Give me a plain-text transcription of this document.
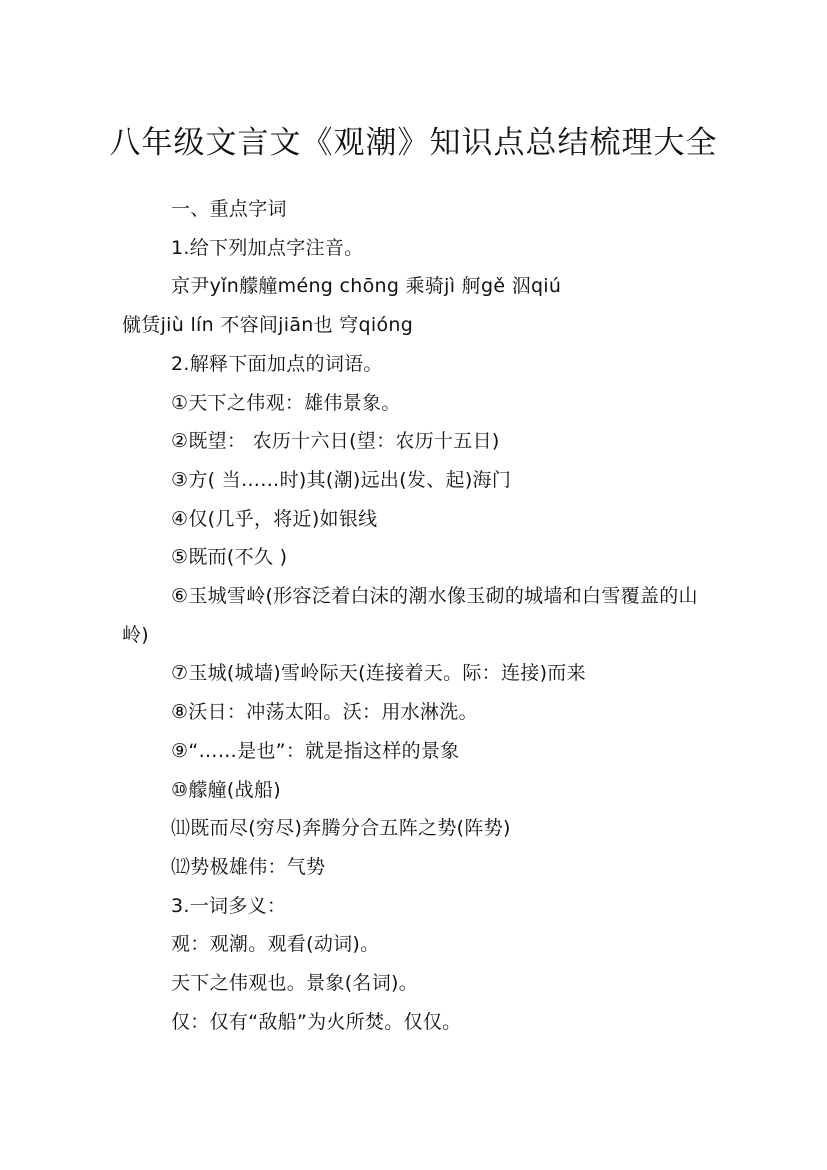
八年级文言文《观潮》知识点总结梳理大全

一、重点字词

1.给下列加点字注音。

京尹yǐn艨艟méng chōng 乘骑jì 舸gě 泅qiú

僦赁jiù lín 不容间jiān也 穹qióng

2.解释下面加点的词语。

①天下之伟观：雄伟景象。

②既望： 农历十六日(望：农历十五日)

③方( 当……时)其(潮)远出(发、起)海门

④仅(几乎，将近)如银线

⑤既而(不久 )

⑥玉城雪岭(形容泛着白沫的潮水像玉砌的城墙和白雪覆盖的山岭)

⑦玉城(城墙)雪岭际天(连接着天。际：连接)而来

⑧沃日：冲荡太阳。沃：用水淋洗。

⑨“……是也”：就是指这样的景象

⑩艨艟(战船)

⑾既而尽(穷尽)奔腾分合五阵之势(阵势)

⑿势极雄伟：气势

3.一词多义：

观：观潮。观看(动词)。

天下之伟观也。景象(名词)。

仅：仅有“敌船”为火所焚。仅仅。
